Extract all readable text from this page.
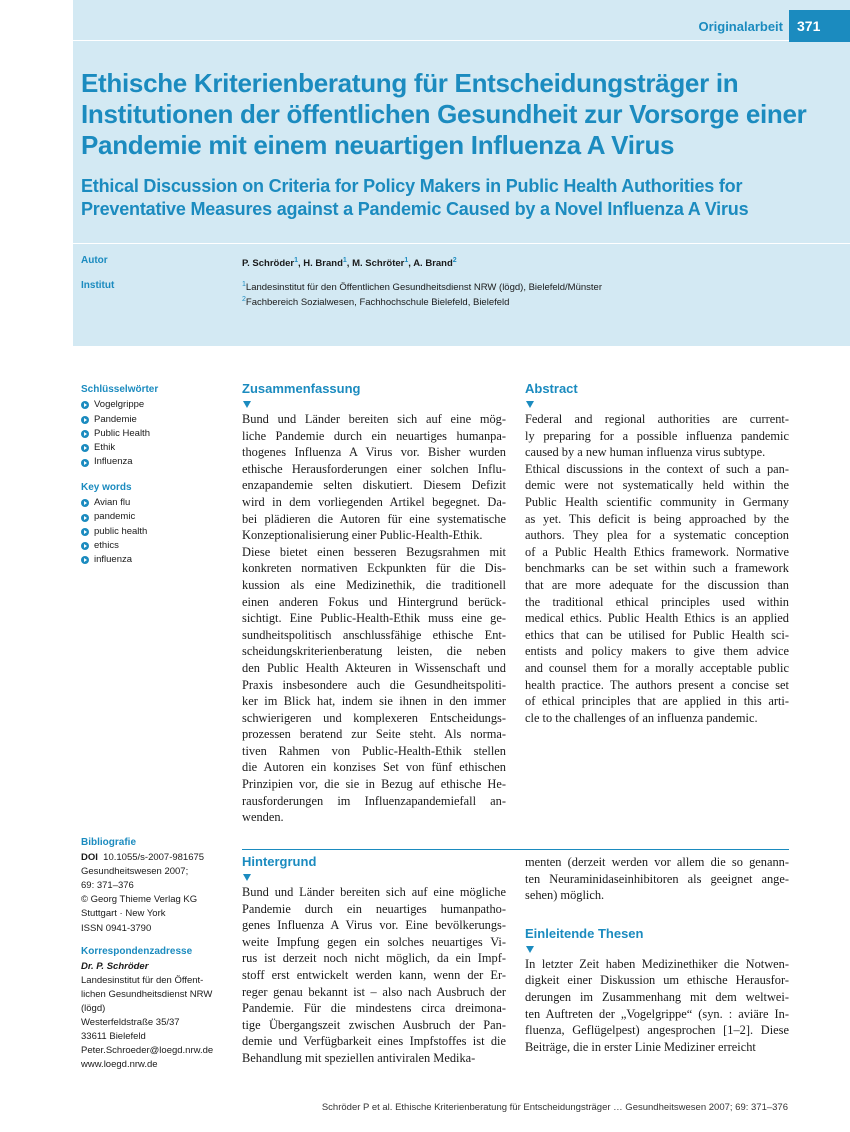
Originalarbeit	371
Ethische Kriterienberatung für Entscheidungsträger in Institutionen der öffentlichen Gesundheit zur Vorsorge einer Pandemie mit einem neuartigen Influenza A Virus
Ethical Discussion on Criteria for Policy Makers in Public Health Authorities for Preventative Measures against a Pandemic Caused by a Novel Influenza A Virus
Autor	P. Schröder$^1$, H. Brand$^1$, M. Schröter$^1$, A. Brand$^2$
Institut	$^1$Landesinstitut für den Öffentlichen Gesundheitsdienst NRW (lögd), Bielefeld/Münster
$^2$Fachbereich Sozialwesen, Fachhochschule Bielefeld, Bielefeld
Schlüsselwörter
Vogelgrippe
Pandemie
Public Health
Ethik
Influenza
Key words
Avian flu
pandemic
public health
ethics
influenza
Bibliografie
DOI 10.1055/s-2007-981675
Gesundheitswesen 2007;
69: 371–376
© Georg Thieme Verlag KG
Stuttgart · New York
ISSN 0941-3790
Korrespondenzadresse
Dr. P. Schröder
Landesinstitut für den Öffent-
lichen Gesundheitsdienst NRW
(lögd)
Westerfeldstraße 35/37
33611 Bielefeld
Peter.Schroeder@loegd.nrw.de
www.loegd.nrw.de
Zusammenfassung
Bund und Länder bereiten sich auf eine mög-
liche Pandemie durch ein neuartiges humanpa-
thogenes Influenza A Virus vor. Bisher wurden
ethische Herausforderungen einer solchen Influ-
enzapandemie selten diskutiert. Diesem Defizit
wird in dem vorliegenden Artikel begegnet. Da-
bei plädieren die Autoren für eine systematische
Konzeptionalisierung einer Public-Health-Ethik.
Diese bietet einen besseren Bezugsrahmen mit
konkreten normativen Eckpunkten für die Dis-
kussion als eine Medizinethik, die traditionell
einen anderen Fokus und Hintergrund berück-
sichtigt. Eine Public-Health-Ethik muss eine ge-
sundheitspolitisch anschlussfähige ethische Ent-
scheidungskriterienberatung leisten, die neben
den Public Health Akteuren in Wissenschaft und
Praxis insbesondere auch die Gesundheitspoliti-
ker im Blick hat, indem sie ihnen in den immer
schwierigeren und komplexeren Entscheidungs-
prozessen beratend zur Seite steht. Als norma-
tiven Rahmen von Public-Health-Ethik stellen
die Autoren ein konzises Set von fünf ethischen
Prinzipien vor, die sie in Bezug auf ethische He-
rausforderungen im Influenzapandemiefall an-
wenden.
Abstract
Federal and regional authorities are current-
ly preparing for a possible influenza pandemic
caused by a new human influenza virus subtype.
Ethical discussions in the context of such a pan-
demic were not systematically held within the
Public Health scientific community in Germany
as yet. This deficit is being approached by the
authors. They plea for a systematic conception
of a Public Health Ethics framework. Normative
benchmarks can be set within such a framework
that are more adequate for the discussion than
the traditional ethical principles used within
medical ethics. Public Health Ethics is an applied
ethics that can be utilised for Public Health sci-
entists and policy makers to give them advice
and counsel them for a morally acceptable public
health practice. The authors present a concise set
of ethical principles that are applied in this arti-
cle to the challenges of an influenza pandemic.
Hintergrund
Bund und Länder bereiten sich auf eine mögliche
Pandemie durch ein neuartiges humanpatho-
genes Influenza A Virus vor. Eine bevölkerungs-
weite Impfung gegen ein solches neuartiges Vi-
rus ist derzeit noch nicht möglich, da ein Impf-
stoff erst entwickelt werden kann, wenn der Er-
reger genau bekannt ist – also nach Ausbruch der
Pandemie. Für die mindestens circa dreimona-
tige Übergangszeit zwischen Ausbruch der Pan-
demie und Verfügbarkeit eines Impfstoffes ist die
Behandlung mit speziellen antiviralen Medika-
menten (derzeit werden vor allem die so genann-
ten Neuraminidaseinhibitoren als geeignet ange-
sehen) möglich.
Einleitende Thesen
In letzter Zeit haben Medizinethiker die Notwen-
digkeit einer Diskussion um ethische Herausfor-
derungen im Zusammenhang mit dem weltwei-
ten Auftreten der „Vogelgrippe“ (syn. : aviäre In-
fluenza, Geflügelpest) angesprochen [1–2]. Diese
Beiträge, die in erster Linie Mediziner erreicht
Schröder P et al. Ethische Kriterienberatung für Entscheidungsträger … Gesundheitswesen 2007; 69: 371–376
